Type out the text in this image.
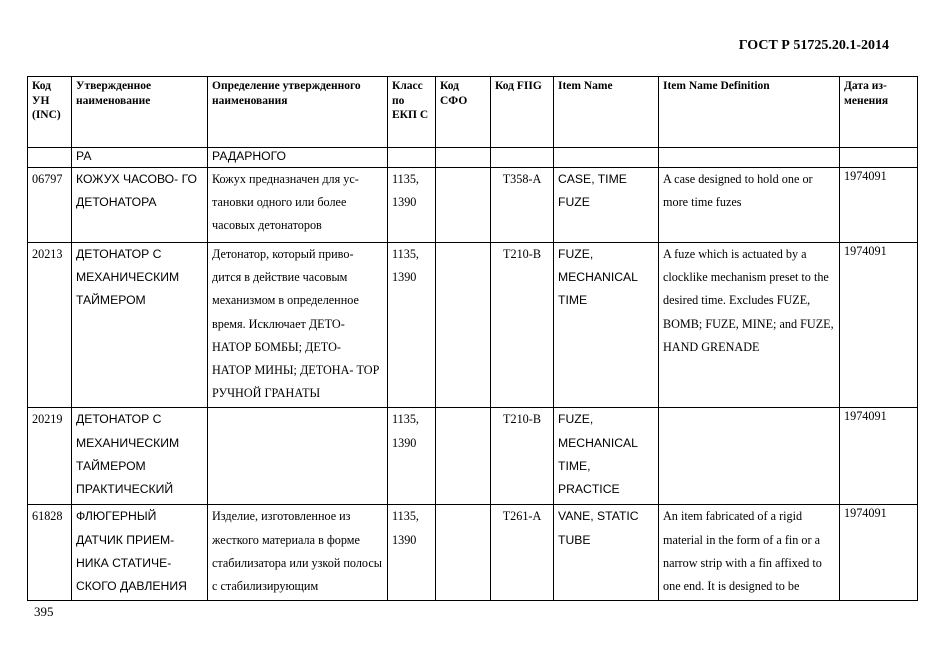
ГОСТ Р 51725.20.1-2014
Код УН (INC)	Утвержденное наименование	Определение утвержденного наименования	Класс по ЕКП С	Код СФО	Код FIIG	Item Name	Item Name Definition	Дата из- менения
	РА	РАДАРНОГО						
06797	КОЖУХ ЧАСОВО- ГО ДЕТОНАТОРА	Кожух предназначен для ус- тановки одного или более часовых детонаторов	1135, 1390		T358-A	CASE, TIME FUZE	A case designed to hold one or more time fuzes	1974091
20213	ДЕТОНАТОР С МЕХАНИЧЕСКИМ ТАЙМЕРОМ	Детонатор, который приво- дится в действие часовым механизмом в определенное время. Исключает ДЕТО- НАТОР БОМБЫ; ДЕТО- НАТОР МИНЫ; ДЕТОНА- ТОР РУЧНОЙ ГРАНАТЫ	1135, 1390		T210-B	FUZE, MECHANICAL TIME	A fuze which is actuated by a clocklike mechanism preset to the desired time. Excludes FUZE, BOMB; FUZE, MINE; and FUZE, HAND GRENADE	1974091
20219	ДЕТОНАТОР С МЕХАНИЧЕСКИМ ТАЙМЕРОМ ПРАКТИЧЕСКИЙ		1135, 1390		T210-B	FUZE, MECHANICAL TIME, PRACTICE		1974091
61828	ФЛЮГЕРНЫЙ ДАТЧИК ПРИЕМ- НИКА СТАТИЧЕ- СКОГО ДАВЛЕНИЯ	Изделие, изготовленное из жесткого материала в форме стабилизатора или узкой полосы с стабилизирующим	1135, 1390		T261-A	VANE, STATIC TUBE	An item fabricated of a rigid material in the form of a fin or a narrow strip with a fin affixed to one end. It is designed to be	1974091
395
